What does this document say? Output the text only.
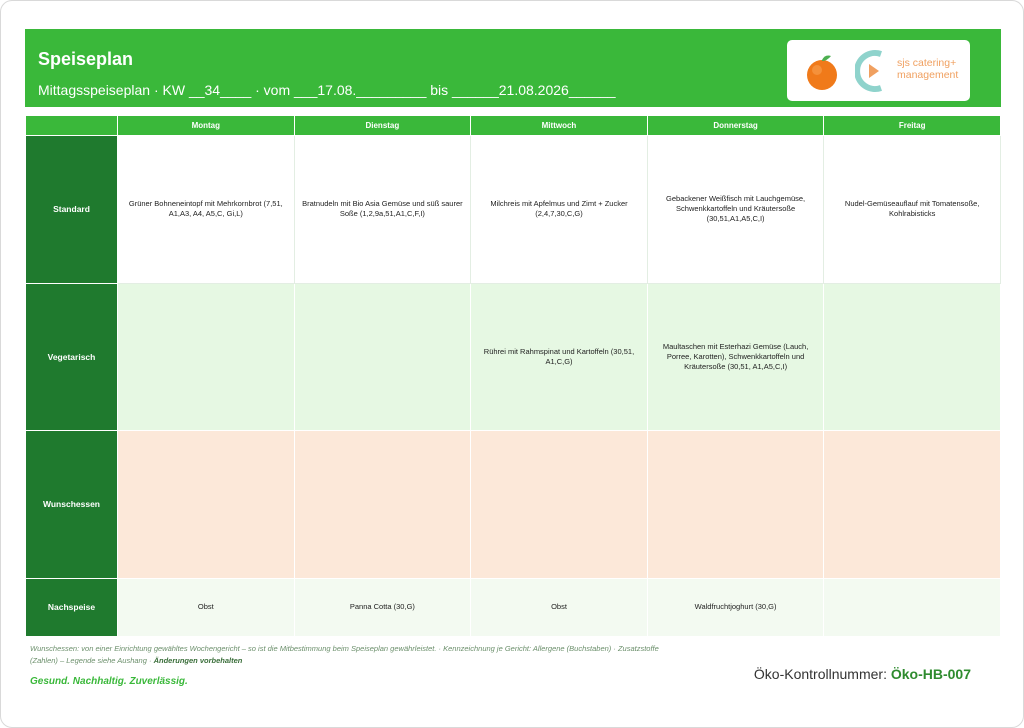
Speiseplan
Mittagsspeiseplan · KW __34____ · vom ___17.08._________ bis ______21.08.2026______
sjs catering+
management
	Montag	Dienstag	Mittwoch	Donnerstag	Freitag
Standard	Grüner Bohneneintopf mit Mehrkornbrot (7,51, A1,A3, A4, A5,C, Gi,L)	Bratnudeln mit Bio Asia Gemüse und süß saurer Soße (1,2,9a,51,A1,C,F,I)	Milchreis mit Apfelmus und Zimt + Zucker (2,4,7,30,C,G)	Gebackener Weißfisch mit Lauchgemüse, Schwenkkartoffeln und Kräutersoße (30,51,A1,A5,C,I)	Nudel-Gemüseauflauf mit Tomatensoße, Kohlrabisticks
Vegetarisch			Rührei mit Rahmspinat und Kartoffeln (30,51, A1,C,G)	Maultaschen mit Esterhazi Gemüse (Lauch, Porree, Karotten), Schwenkkartoffeln und Kräutersoße (30,51, A1,A5,C,I)	
Wunschessen					
Nachspeise	Obst	Panna Cotta (30,G)	Obst	Waldfruchtjoghurt (30,G)	
Wunschessen: von einer Einrichtung gewähltes Wochengericht – so ist die Mitbestimmung beim Speiseplan gewährleistet. · Kennzeichnung je Gericht: Allergene (Buchstaben) · Zusatzstoffe (Zahlen) – Legende siehe Aushang · Änderungen vorbehalten
Gesund. Nachhaltig. Zuverlässig.	Öko-Kontrollnummer: Öko-HB-007
